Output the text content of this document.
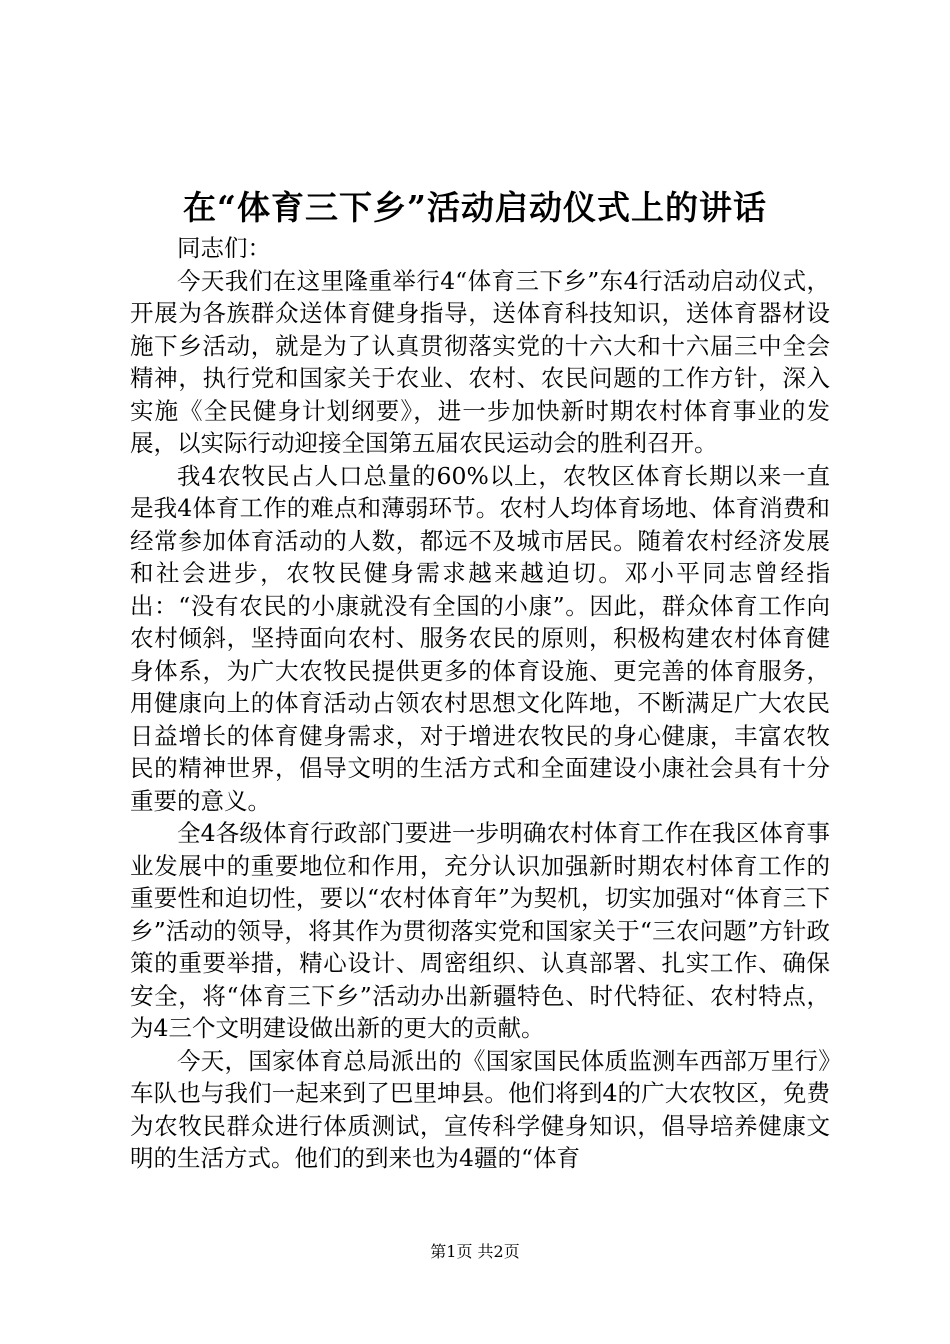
在“体育三下乡”活动启动仪式上的讲话

同志们：

今天我们在这里隆重举行4“体育三下乡”东4行活动启动仪式，开展为各族群众送体育健身指导，送体育科技知识，送体育器材设施下乡活动，就是为了认真贯彻落实党的十六大和十六届三中全会精神，执行党和国家关于农业、农村、农民问题的工作方针，深入实施《全民健身计划纲要》，进一步加快新时期农村体育事业的发展，以实际行动迎接全国第五届农民运动会的胜利召开。

我4农牧民占人口总量的60%以上，农牧区体育长期以来一直是我4体育工作的难点和薄弱环节。农村人均体育场地、体育消费和经常参加体育活动的人数，都远不及城市居民。随着农村经济发展和社会进步，农牧民健身需求越来越迫切。邓小平同志曾经指出：“没有农民的小康就没有全国的小康”。因此，群众体育工作向农村倾斜，坚持面向农村、服务农民的原则，积极构建农村体育健身体系，为广大农牧民提供更多的体育设施、更完善的体育服务，用健康向上的体育活动占领农村思想文化阵地，不断满足广大农民日益增长的体育健身需求，对于增进农牧民的身心健康，丰富农牧民的精神世界，倡导文明的生活方式和全面建设小康社会具有十分重要的意义。

全4各级体育行政部门要进一步明确农村体育工作在我区体育事业发展中的重要地位和作用，充分认识加强新时期农村体育工作的重要性和迫切性，要以“农村体育年”为契机，切实加强对“体育三下乡”活动的领导，将其作为贯彻落实党和国家关于“三农问题”方针政策的重要举措，精心设计、周密组织、认真部署、扎实工作、确保安全，将“体育三下乡”活动办出新疆特色、时代特征、农村特点，为4三个文明建设做出新的更大的贡献。

今天，国家体育总局派出的《国家国民体质监测车西部万里行》车队也与我们一起来到了巴里坤县。他们将到4的广大农牧区，免费为农牧民群众进行体质测试，宣传科学健身知识，倡导培养健康文明的生活方式。他们的到来也为4疆的“体育

第1页 共2页
